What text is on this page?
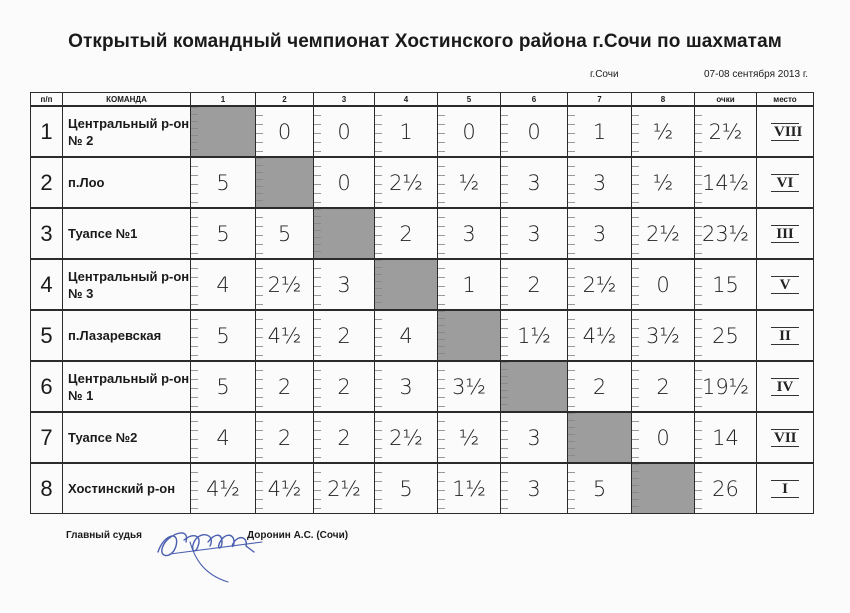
Открытый командный чемпионат Хостинского района г.Сочи по шахматам
г.Сочи	07-08 сентября 2013 г.
п/п	КОМАНДА	1	2	3	4	5	6	7	8	очки	место
1	Центральный р-он № 2		0	0	1	0	0	1	½	2½	VIII

2	п.Лоо	5		0	2½	½	3	3	½	14½	VI

3	Туапсе №1	5	5		2	3	3	3	2½	23½	III

4	Центральный р-он № 3	4	2½	3		1	2	2½	0	15	V

5	п.Лазаревская	5	4½	2	4		1½	4½	3½	25	II

6	Центральный р-он № 1	5	2	2	3	3½		2	2	19½	IV

7	Туапсе №2	4	2	2	2½	½	3		0	14	VII

8	Хостинский р-он	4½	4½	2½	5	1½	3	5		26	I
Главный судья	Доронин А.С. (Сочи)
